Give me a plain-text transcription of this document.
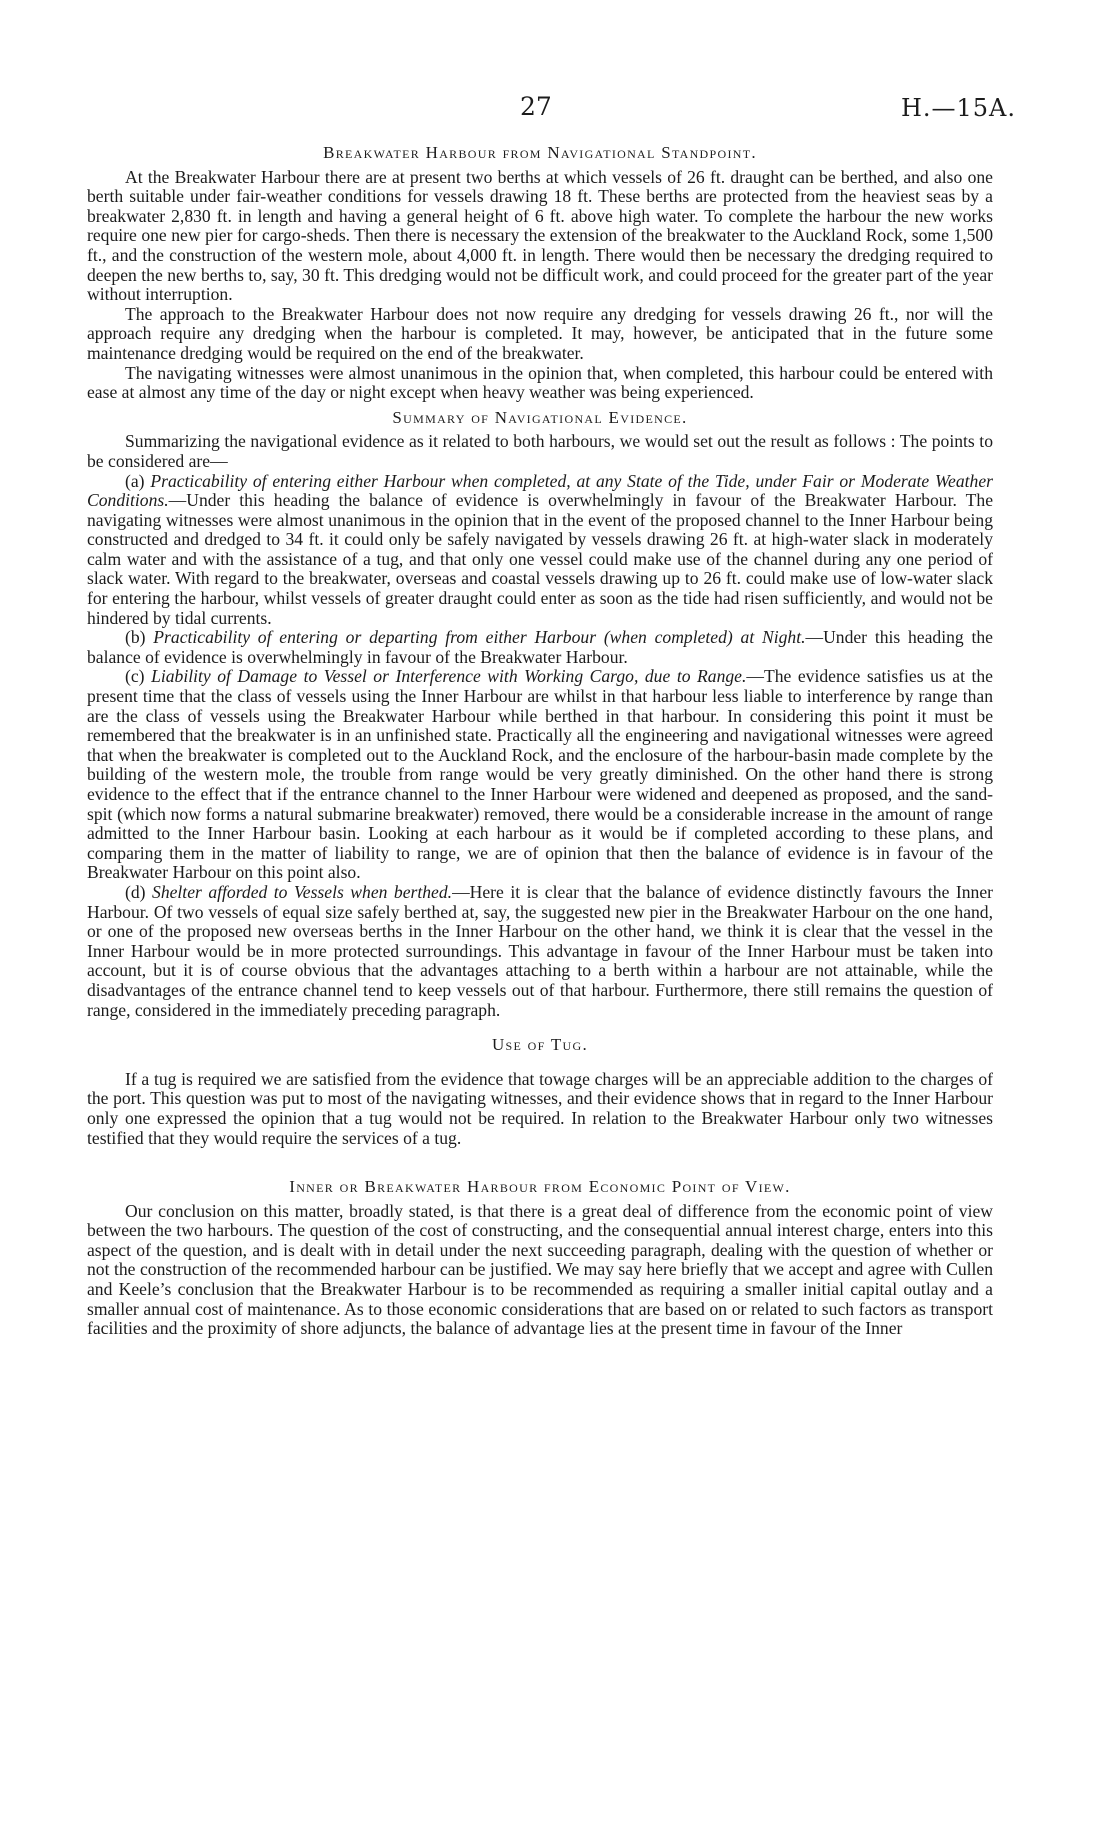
27	H.—15A.
Breakwater Harbour from Navigational Standpoint.

At the Breakwater Harbour there are at present two berths at which vessels of 26 ft. draught can be berthed, and also one berth suitable under fair-weather conditions for vessels drawing 18 ft. These berths are protected from the heaviest seas by a breakwater 2,830 ft. in length and having a general height of 6 ft. above high water. To complete the harbour the new works require one new pier for cargo-sheds. Then there is necessary the extension of the breakwater to the Auckland Rock, some 1,500 ft., and the construction of the western mole, about 4,000 ft. in length. There would then be necessary the dredging required to deepen the new berths to, say, 30 ft. This dredging would not be difficult work, and could proceed for the greater part of the year without interruption.

The approach to the Breakwater Harbour does not now require any dredging for vessels drawing 26 ft., nor will the approach require any dredging when the harbour is completed. It may, however, be anticipated that in the future some maintenance dredging would be required on the end of the breakwater.

The navigating witnesses were almost unanimous in the opinion that, when completed, this harbour could be entered with ease at almost any time of the day or night except when heavy weather was being experienced.

Summary of Navigational Evidence.

Summarizing the navigational evidence as it related to both harbours, we would set out the result as follows : The points to be considered are—

(a) Practicability of entering either Harbour when completed, at any State of the Tide, under Fair or Moderate Weather Conditions.—Under this heading the balance of evidence is overwhelmingly in favour of the Breakwater Harbour. The navigating witnesses were almost unanimous in the opinion that in the event of the proposed channel to the Inner Harbour being constructed and dredged to 34 ft. it could only be safely navigated by vessels drawing 26 ft. at high-water slack in moderately calm water and with the assistance of a tug, and that only one vessel could make use of the channel during any one period of slack water. With regard to the breakwater, overseas and coastal vessels drawing up to 26 ft. could make use of low-water slack for entering the harbour, whilst vessels of greater draught could enter as soon as the tide had risen sufficiently, and would not be hindered by tidal currents.

(b) Practicability of entering or departing from either Harbour (when completed) at Night.—Under this heading the balance of evidence is overwhelmingly in favour of the Breakwater Harbour.

(c) Liability of Damage to Vessel or Interference with Working Cargo, due to Range.—The evidence satisfies us at the present time that the class of vessels using the Inner Harbour are whilst in that harbour less liable to interference by range than are the class of vessels using the Breakwater Harbour while berthed in that harbour. In considering this point it must be remembered that the breakwater is in an unfinished state. Practically all the engineering and navigational witnesses were agreed that when the breakwater is completed out to the Auckland Rock, and the enclosure of the harbour-basin made complete by the building of the western mole, the trouble from range would be very greatly diminished. On the other hand there is strong evidence to the effect that if the entrance channel to the Inner Harbour were widened and deepened as proposed, and the sand-spit (which now forms a natural submarine breakwater) removed, there would be a considerable increase in the amount of range admitted to the Inner Harbour basin. Looking at each harbour as it would be if completed according to these plans, and comparing them in the matter of liability to range, we are of opinion that then the balance of evidence is in favour of the Breakwater Harbour on this point also.

(d) Shelter afforded to Vessels when berthed.—Here it is clear that the balance of evidence distinctly favours the Inner Harbour. Of two vessels of equal size safely berthed at, say, the suggested new pier in the Breakwater Harbour on the one hand, or one of the proposed new overseas berths in the Inner Harbour on the other hand, we think it is clear that the vessel in the Inner Harbour would be in more protected surroundings. This advantage in favour of the Inner Harbour must be taken into account, but it is of course obvious that the advantages attaching to a berth within a harbour are not attainable, while the disadvantages of the entrance channel tend to keep vessels out of that harbour. Furthermore, there still remains the question of range, considered in the immediately preceding paragraph.

Use of Tug.

If a tug is required we are satisfied from the evidence that towage charges will be an appreciable addition to the charges of the port. This question was put to most of the navigating witnesses, and their evidence shows that in regard to the Inner Harbour only one expressed the opinion that a tug would not be required. In relation to the Breakwater Harbour only two witnesses testified that they would require the services of a tug.

Inner or Breakwater Harbour from Economic Point of View.

Our conclusion on this matter, broadly stated, is that there is a great deal of difference from the economic point of view between the two harbours. The question of the cost of constructing, and the consequential annual interest charge, enters into this aspect of the question, and is dealt with in detail under the next succeeding paragraph, dealing with the question of whether or not the construction of the recommended harbour can be justified. We may say here briefly that we accept and agree with Cullen and Keele’s conclusion that the Breakwater Harbour is to be recommended as requiring a smaller initial capital outlay and a smaller annual cost of maintenance. As to those economic considerations that are based on or related to such factors as transport facilities and the proximity of shore adjuncts, the balance of advantage lies at the present time in favour of the Inner
